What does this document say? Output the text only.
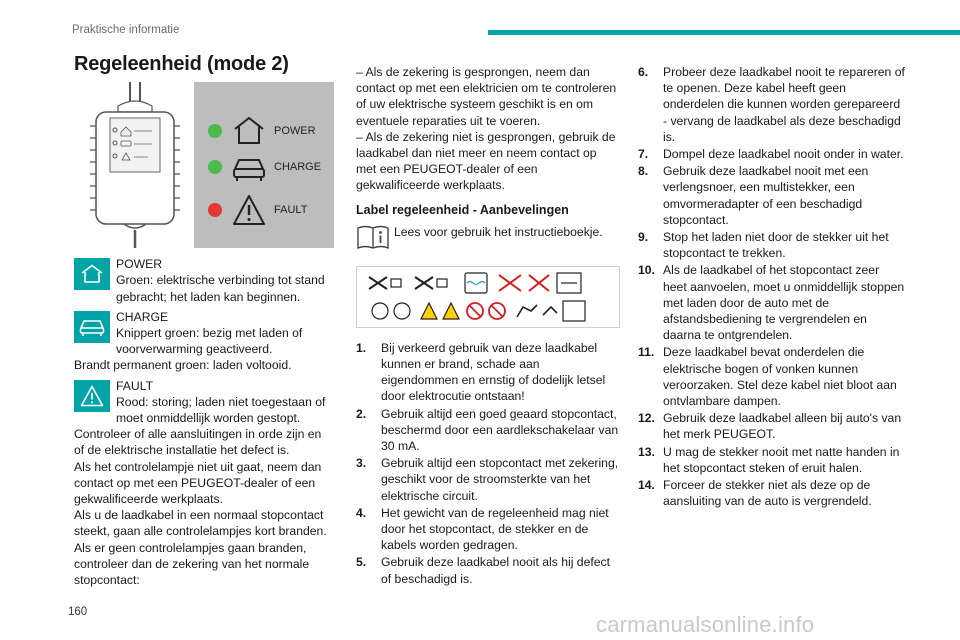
Praktische informatie
Regeleenheid (mode 2)
POWER
CHARGE
FAULT
POWER

Groen: elektrische verbinding tot stand gebracht; het laden kan beginnen.

CHARGE

Knippert groen: bezig met laden of voorverwarming geactiveerd.

Brandt permanent groen: laden voltooid.

FAULT

Rood: storing; laden niet toegestaan of moet onmiddellijk worden gestopt. Controleer of alle aansluitingen in orde zijn en of de elektrische installatie het defect is.

Als het controlelampje niet uit gaat, neem dan contact op met een PEUGEOT-dealer of een gekwalificeerde werkplaats.

Als u de laadkabel in een normaal stopcontact steekt, gaan alle controlelampjes kort branden.

Als er geen controlelampjes gaan branden, controleer dan de zekering van het normale stopcontact:

– Als de zekering is gesprongen, neem dan contact op met een elektricien om te controleren of uw elektrische systeem geschikt is en om eventuele reparaties uit te voeren.

– Als de zekering niet is gesprongen, gebruik de laadkabel dan niet meer en neem contact op met een PEUGEOT-dealer of een gekwalificeerde werkplaats.

Label regeleenheid - Aanbevelingen
Lees voor gebruik het instructieboekje.
1. Bij verkeerd gebruik van deze laadkabel kunnen er brand, schade aan eigendommen en ernstig of dodelijk letsel door elektrocutie ontstaan!
2. Gebruik altijd een goed geaard stopcontact, beschermd door een aardlekschakelaar van 30 mA.
3. Gebruik altijd een stopcontact met zekering, geschikt voor de stroomsterkte van het elektrische circuit.
4. Het gewicht van de regeleenheid mag niet door het stopcontact, de stekker en de kabels worden gedragen.
5. Gebruik deze laadkabel nooit als hij defect of beschadigd is.
6. Probeer deze laadkabel nooit te repareren of te openen. Deze kabel heeft geen onderdelen die kunnen worden gerepareerd - vervang de laadkabel als deze beschadigd is.
7. Dompel deze laadkabel nooit onder in water.
8. Gebruik deze laadkabel nooit met een verlengsnoer, een multistekker, een omvormeradapter of een beschadigd stopcontact.
9. Stop het laden niet door de stekker uit het stopcontact te trekken.
10. Als de laadkabel of het stopcontact zeer heet aanvoelen, moet u onmiddellijk stoppen met laden door de auto met de afstandsbediening te vergrendelen en daarna te ontgrendelen.
11. Deze laadkabel bevat onderdelen die elektrische bogen of vonken kunnen veroorzaken. Stel deze kabel niet bloot aan ontvlambare dampen.
12. Gebruik deze laadkabel alleen bij auto's van het merk PEUGEOT.
13. U mag de stekker nooit met natte handen in het stopcontact steken of eruit halen.
14. Forceer de stekker niet als deze op de aansluiting van de auto is vergrendeld.
160	carmanualsonline.info
